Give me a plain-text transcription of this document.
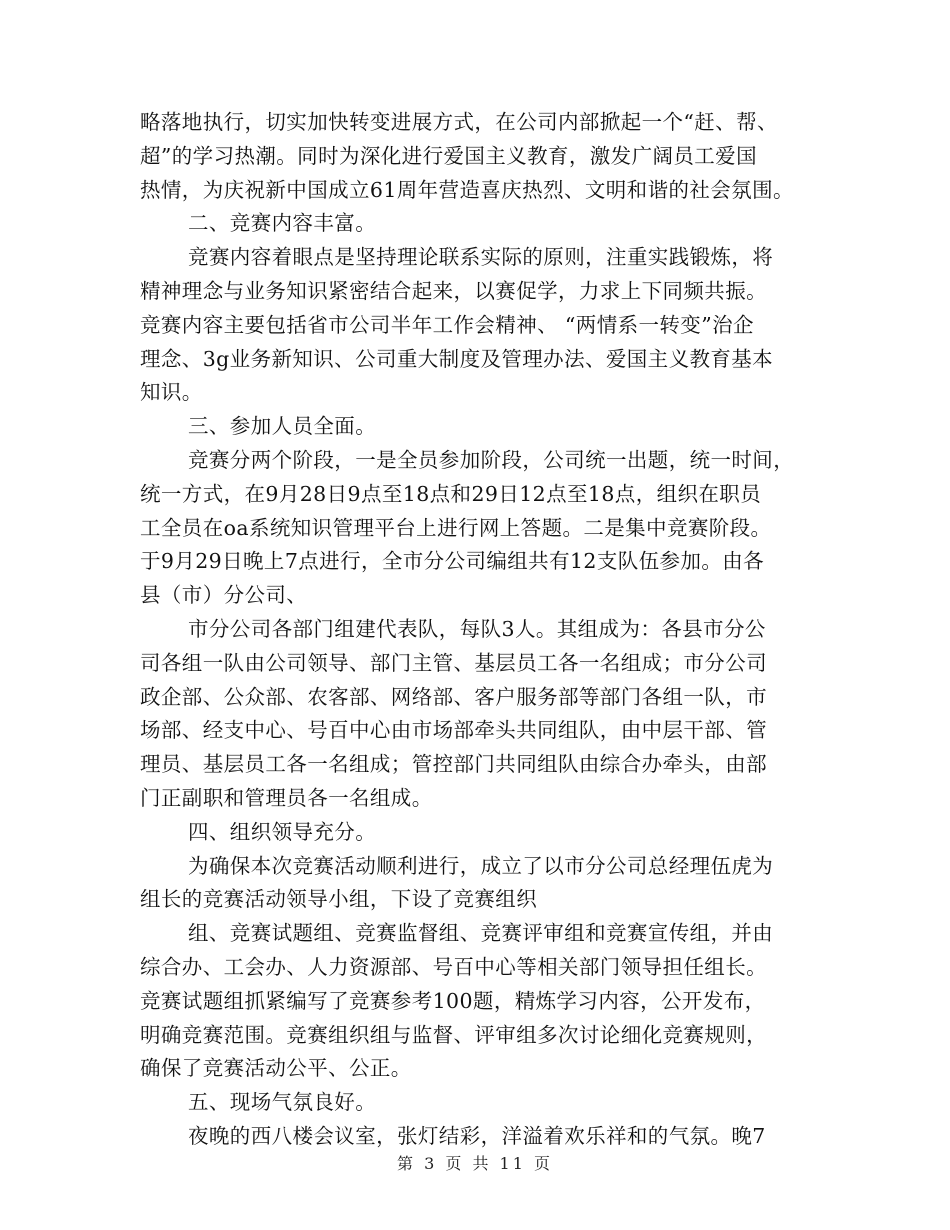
略落地执行，切实加快转变进展方式，在公司内部掀起一个“赶、帮、
超”的学习热潮。同时为深化进行爱国主义教育，激发广阔员工爱国
热情，为庆祝新中国成立61周年营造喜庆热烈、文明和谐的社会氛围。
二、竞赛内容丰富。
竞赛内容着眼点是坚持理论联系实际的原则，注重实践锻炼，将
精神理念与业务知识紧密结合起来，以赛促学，力求上下同频共振。
竞赛内容主要包括省市公司半年工作会精神、 “两情系一转变”治企
理念、3g业务新知识、公司重大制度及管理办法、爱国主义教育基本
知识。
三、参加人员全面。
竞赛分两个阶段，一是全员参加阶段，公司统一出题，统一时间，
统一方式，在9月28日9点至18点和29日12点至18点，组织在职员
工全员在oa系统知识管理平台上进行网上答题。二是集中竞赛阶段。
于9月29日晚上7点进行，全市分公司编组共有12支队伍参加。由各
县（市）分公司、
市分公司各部门组建代表队，每队3人。其组成为：各县市分公
司各组一队由公司领导、部门主管、基层员工各一名组成；市分公司
政企部、公众部、农客部、网络部、客户服务部等部门各组一队，市
场部、经支中心、号百中心由市场部牵头共同组队，由中层干部、管
理员、基层员工各一名组成；管控部门共同组队由综合办牵头，由部
门正副职和管理员各一名组成。
四、组织领导充分。
为确保本次竞赛活动顺利进行，成立了以市分公司总经理伍虎为
组长的竞赛活动领导小组，下设了竞赛组织
组、竞赛试题组、竞赛监督组、竞赛评审组和竞赛宣传组，并由
综合办、工会办、人力资源部、号百中心等相关部门领导担任组长。
竞赛试题组抓紧编写了竞赛参考100题，精炼学习内容，公开发布，
明确竞赛范围。竞赛组织组与监督、评审组多次讨论细化竞赛规则，
确保了竞赛活动公平、公正。
五、现场气氛良好。
夜晚的西八楼会议室，张灯结彩，洋溢着欢乐祥和的气氛。晚7
第 3 页 共 11 页
